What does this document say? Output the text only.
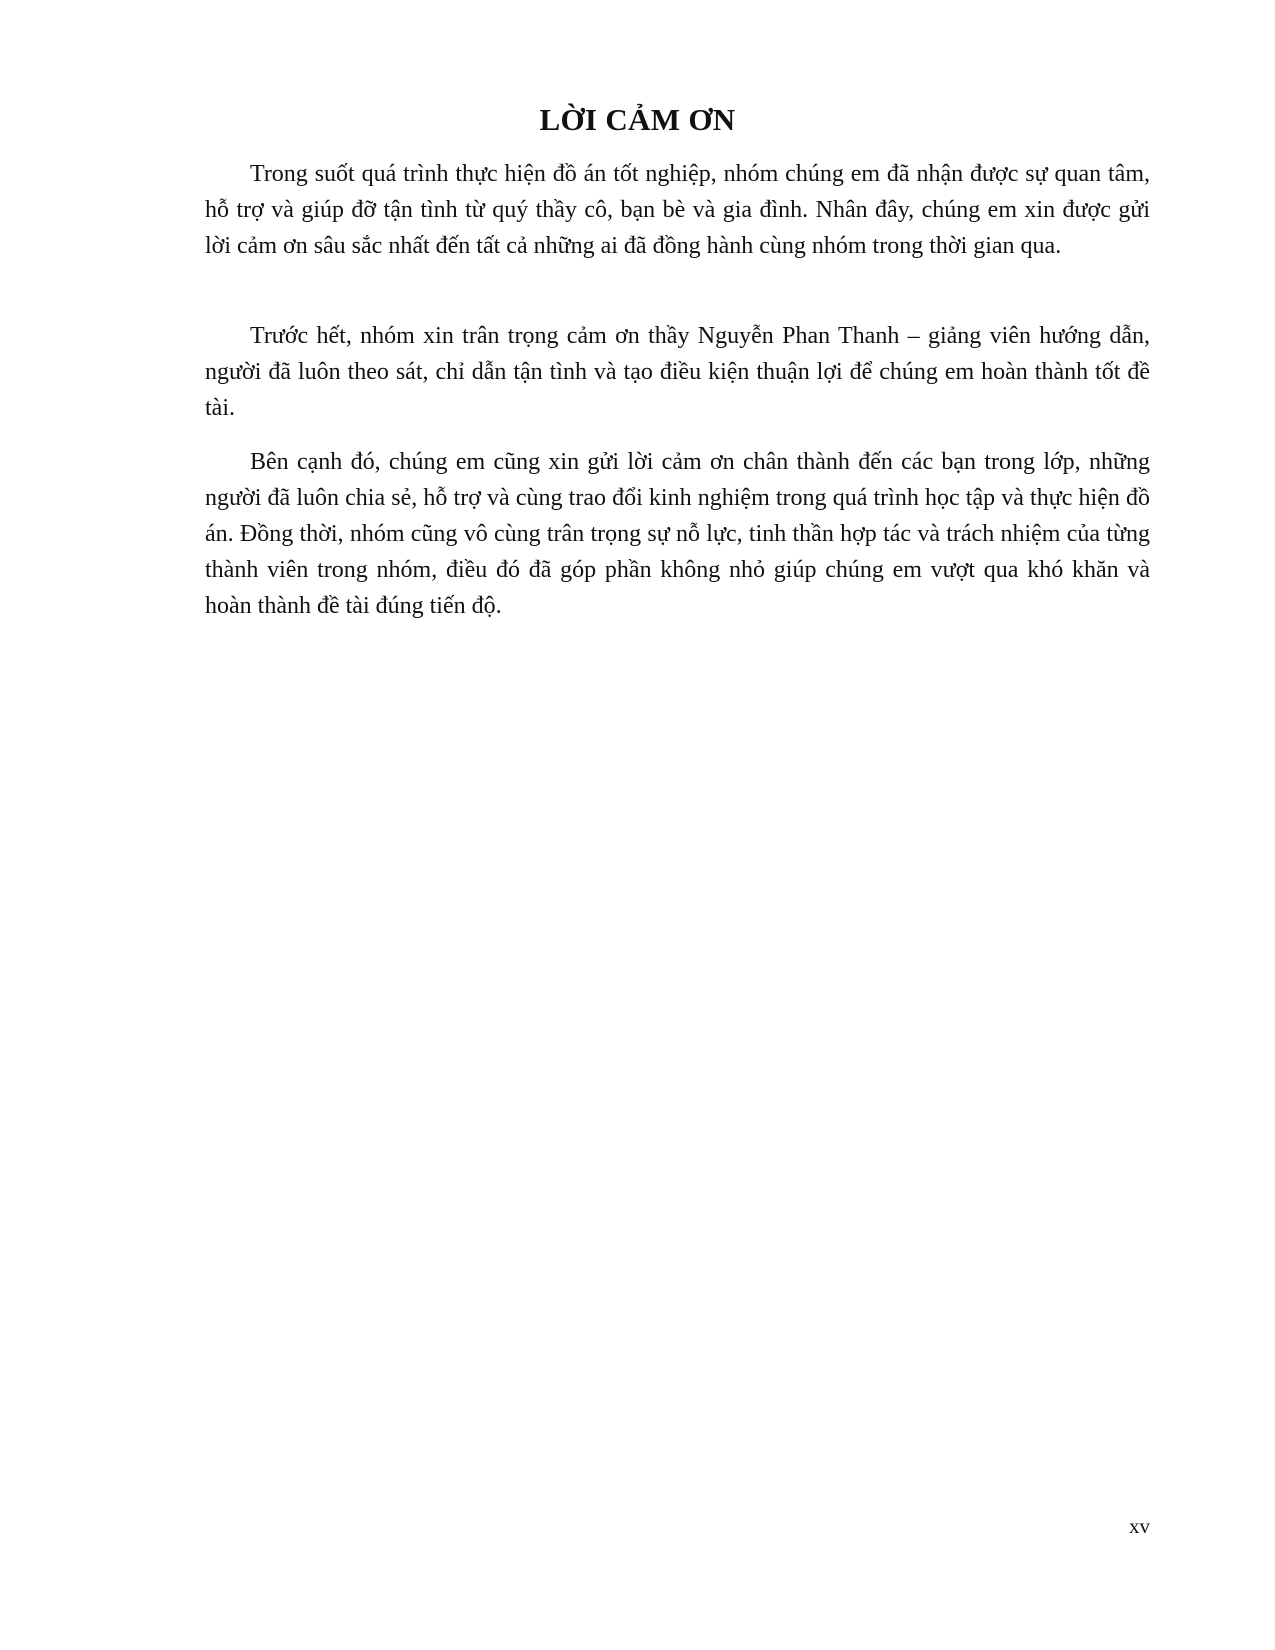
LỜI CẢM ƠN

Trong suốt quá trình thực hiện đồ án tốt nghiệp, nhóm chúng em đã nhận được sự quan tâm, hỗ trợ và giúp đỡ tận tình từ quý thầy cô, bạn bè và gia đình. Nhân đây, chúng em xin được gửi lời cảm ơn sâu sắc nhất đến tất cả những ai đã đồng hành cùng nhóm trong thời gian qua.

Trước hết, nhóm xin trân trọng cảm ơn thầy Nguyễn Phan Thanh – giảng viên hướng dẫn, người đã luôn theo sát, chỉ dẫn tận tình và tạo điều kiện thuận lợi để chúng em hoàn thành tốt đề tài.

Bên cạnh đó, chúng em cũng xin gửi lời cảm ơn chân thành đến các bạn trong lớp, những người đã luôn chia sẻ, hỗ trợ và cùng trao đổi kinh nghiệm trong quá trình học tập và thực hiện đồ án. Đồng thời, nhóm cũng vô cùng trân trọng sự nỗ lực, tinh thần hợp tác và trách nhiệm của từng thành viên trong nhóm, điều đó đã góp phần không nhỏ giúp chúng em vượt qua khó khăn và hoàn thành đề tài đúng tiến độ.

xv
